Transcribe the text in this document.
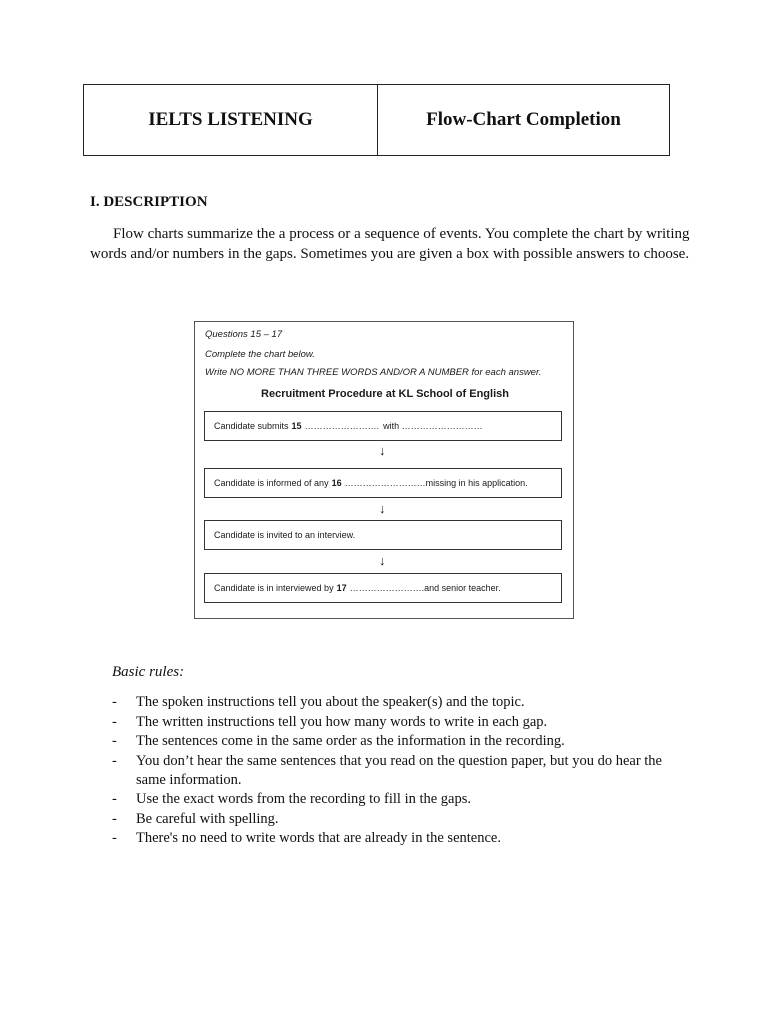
IELTS LISTENING	Flow-Chart Completion
I. DESCRIPTION

Flow charts summarize the a process or a sequence of events. You complete the chart by writing words and/or numbers in the gaps. Sometimes you are given a box with possible answers to choose.

Questions 15 – 17
Complete the chart below.
Write NO MORE THAN THREE WORDS AND/OR A NUMBER for each answer.
Recruitment Procedure at KL School of English
Candidate submits 15 ……………………. with ………………………
↓
Candidate is informed of any 16 ……………………… missing in his application.
↓
Candidate is invited to an interview.
↓
Candidate is in interviewed by 17 ……………………. and senior teacher.
Basic rules:
- The spoken instructions tell you about the speaker(s) and the topic.
- The written instructions tell you how many words to write in each gap.
- The sentences come in the same order as the information in the recording.
- You don’t hear the same sentences that you read on the question paper, but you do hear the same information.
- Use the exact words from the recording to fill in the gaps.
- Be careful with spelling.
- There's no need to write words that are already in the sentence.
